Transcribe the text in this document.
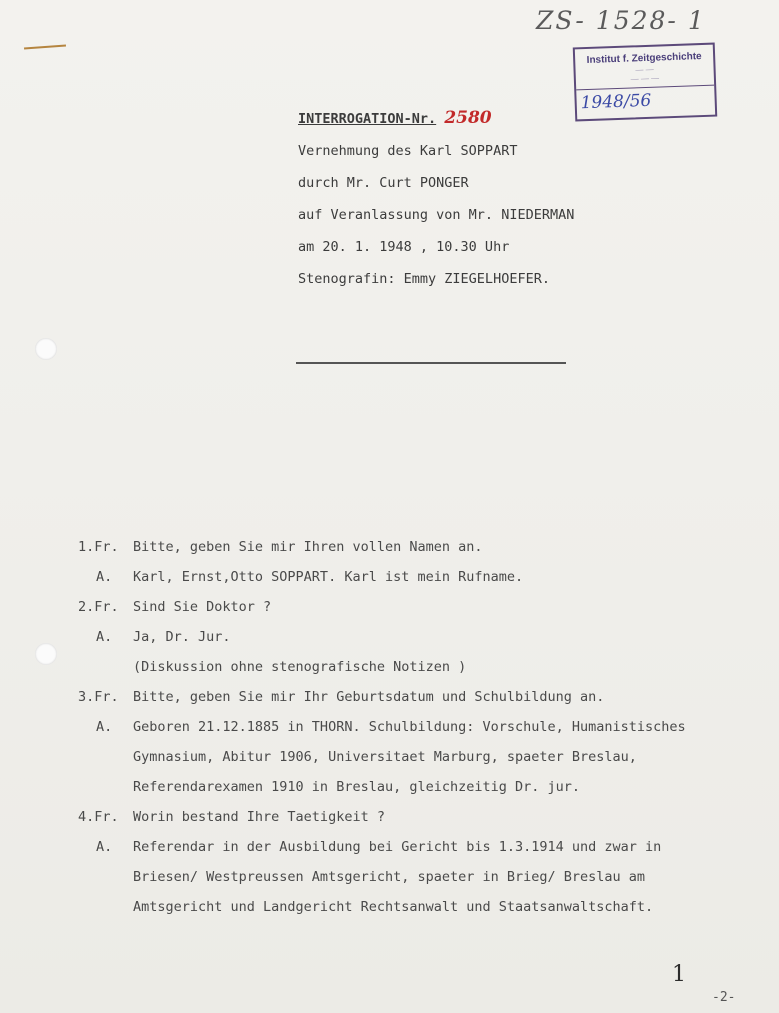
ZS- 1528- 1
Institut f. Zeitgeschichte
— —
— — —
1948/56
INTERROGATION-Nr. 2580
Vernehmung des Karl SOPPART
durch Mr. Curt PONGER
auf Veranlassung von Mr. NIEDERMAN
am 20. 1. 1948 , 10.30 Uhr
Stenografin: Emmy ZIEGELHOEFER.
1.Fr.	Bitte, geben Sie mir Ihren vollen Namen an.
A.	Karl, Ernst,Otto SOPPART. Karl ist mein Rufname.
2.Fr.	Sind Sie Doktor ?
A.	Ja, Dr. Jur.
(Diskussion ohne stenografische Notizen )
3.Fr.	Bitte, geben Sie mir Ihr Geburtsdatum und Schulbildung an.
A.	Geboren 21.12.1885 in THORN. Schulbildung: Vorschule, Humanistisches
Gymnasium, Abitur 1906, Universitaet Marburg, spaeter Breslau,
Referendarexamen 1910 in Breslau, gleichzeitig Dr. jur.
4.Fr.	Worin bestand Ihre Taetigkeit ?
A.	Referendar in der Ausbildung bei Gericht bis 1.3.1914 und zwar in
Briesen/ Westpreussen Amtsgericht, spaeter in Brieg/ Breslau am
Amtsgericht und Landgericht Rechtsanwalt und Staatsanwaltschaft.
1
-2-
